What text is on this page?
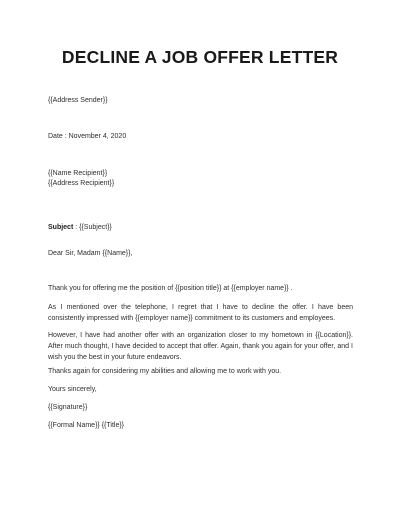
DECLINE A JOB OFFER LETTER
{{Address Sender}}
Date : November 4, 2020
{{Name Recipient}}
{{Address Recipient}}
Subject : {{Subject}}
Dear Sir, Madam {{Name}},
Thank you for offering me the position of {{position title}} at {{employer name}} .
As I mentioned over the telephone, I regret that I have to decline the offer. I have been consistently impressed with {{employer name}} commitment to its customers and employees.
However, I have had another offer with an organization closer to my hometown in {{Location}}. After much thought, I have decided to accept that offer. Again, thank you again for your offer, and I wish you the best in your future endeavors.
Thanks again for considering my abilities and allowing me to work with you.
Yours sincerely,
{{Signature}}
{{Formal Name}} {{Title}}
